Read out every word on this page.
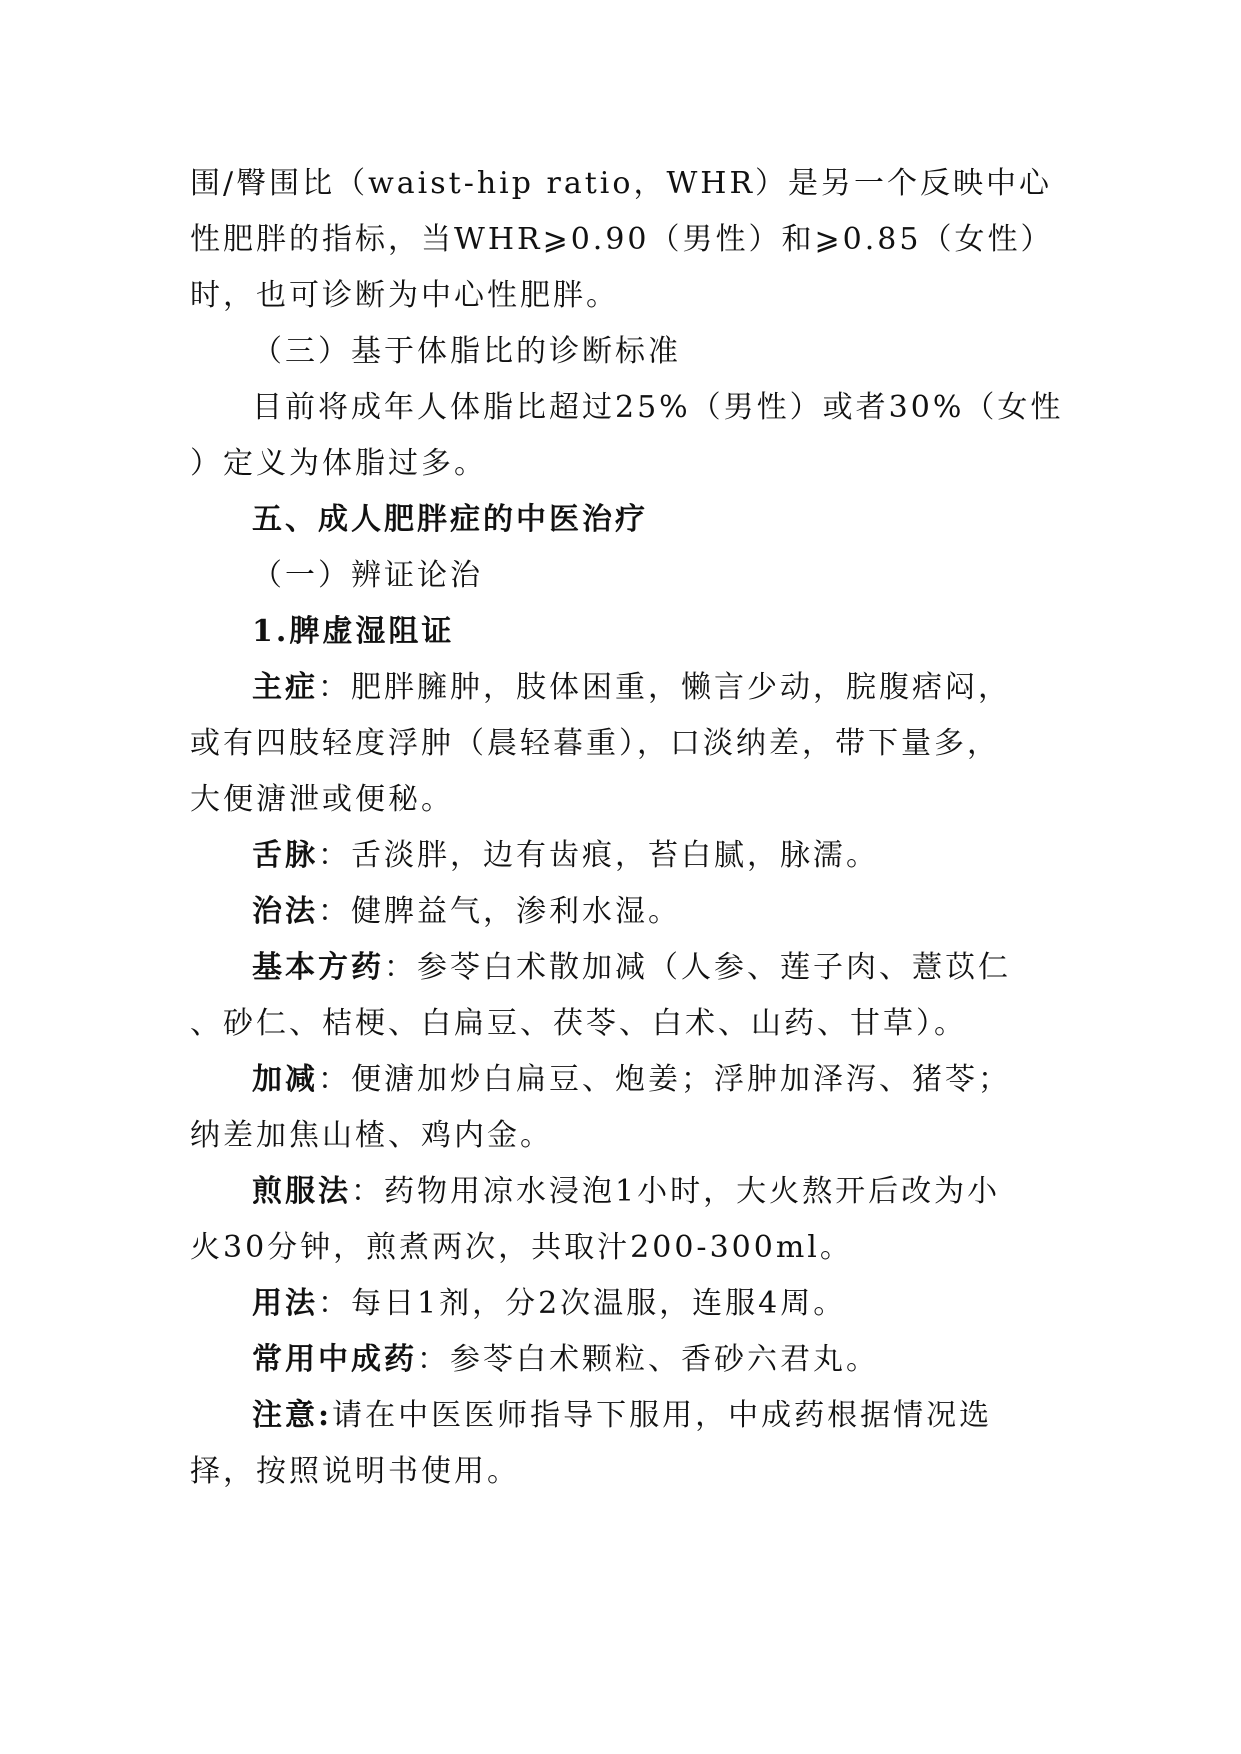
围/臀围比（waist-hip ratio，WHR）是另一个反映中心
性肥胖的指标，当WHR⩾0.90（男性）和⩾0.85（女性）
时，也可诊断为中心性肥胖。
（三）基于体脂比的诊断标准
目前将成年人体脂比超过25%（男性）或者30%（女性
）定义为体脂过多。
五、成人肥胖症的中医治疗
（一）辨证论治
1.脾虚湿阻证
主症：肥胖臃肿，肢体困重，懒言少动，脘腹痞闷，
或有四肢轻度浮肿（晨轻暮重），口淡纳差，带下量多，
大便溏泄或便秘。
舌脉：舌淡胖，边有齿痕，苔白腻，脉濡。
治法：健脾益气，渗利水湿。
基本方药：参苓白术散加减（人参、莲子肉、薏苡仁
、砂仁、桔梗、白扁豆、茯苓、白术、山药、甘草）。
加减：便溏加炒白扁豆、炮姜；浮肿加泽泻、猪苓；
纳差加焦山楂、鸡内金。
煎服法：药物用凉水浸泡1小时，大火熬开后改为小
火30分钟，煎煮两次，共取汁200-300ml。
用法：每日1剂，分2次温服，连服4周。
常用中成药：参苓白术颗粒、香砂六君丸。
注意:请在中医医师指导下服用，中成药根据情况选
择，按照说明书使用。
